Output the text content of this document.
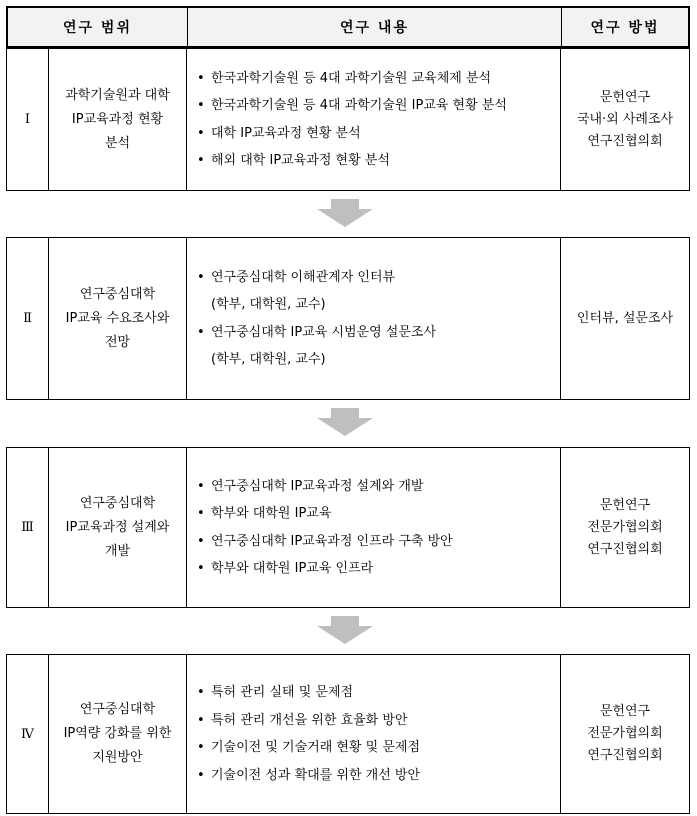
연구 범위	연구 내용	연구 방법
Ⅰ
과학기술원과 대학
IP교육과정 현황
분석
• 한국과학기술원 등 4대 과학기술원 교육체제 분석
• 한국과학기술원 등 4대 과학기술원 IP교육 현황 분석
• 대학 IP교육과정 현황 분석
• 해외 대학 IP교육과정 현황 분석
문헌연구
국내·외 사례조사
연구진협의회
Ⅱ
연구중심대학
IP교육 수요조사와
전망
• 연구중심대학 이해관계자 인터뷰
(학부, 대학원, 교수)
• 연구중심대학 IP교육 시범운영 설문조사
(학부, 대학원, 교수)
인터뷰, 설문조사
Ⅲ
연구중심대학
IP교육과정 설계와
개발
• 연구중심대학 IP교육과정 설계와 개발
• 학부와 대학원 IP교육
• 연구중심대학 IP교육과정 인프라 구축 방안
• 학부와 대학원 IP교육 인프라
문헌연구
전문가협의회
연구진협의회
Ⅳ
연구중심대학
IP역량 강화를 위한
지원방안
• 특허 관리 실태 및 문제점
• 특허 관리 개선을 위한 효율화 방안
• 기술이전 및 기술거래 현황 및 문제점
• 기술이전 성과 확대를 위한 개선 방안
문헌연구
전문가협의회
연구진협의회
